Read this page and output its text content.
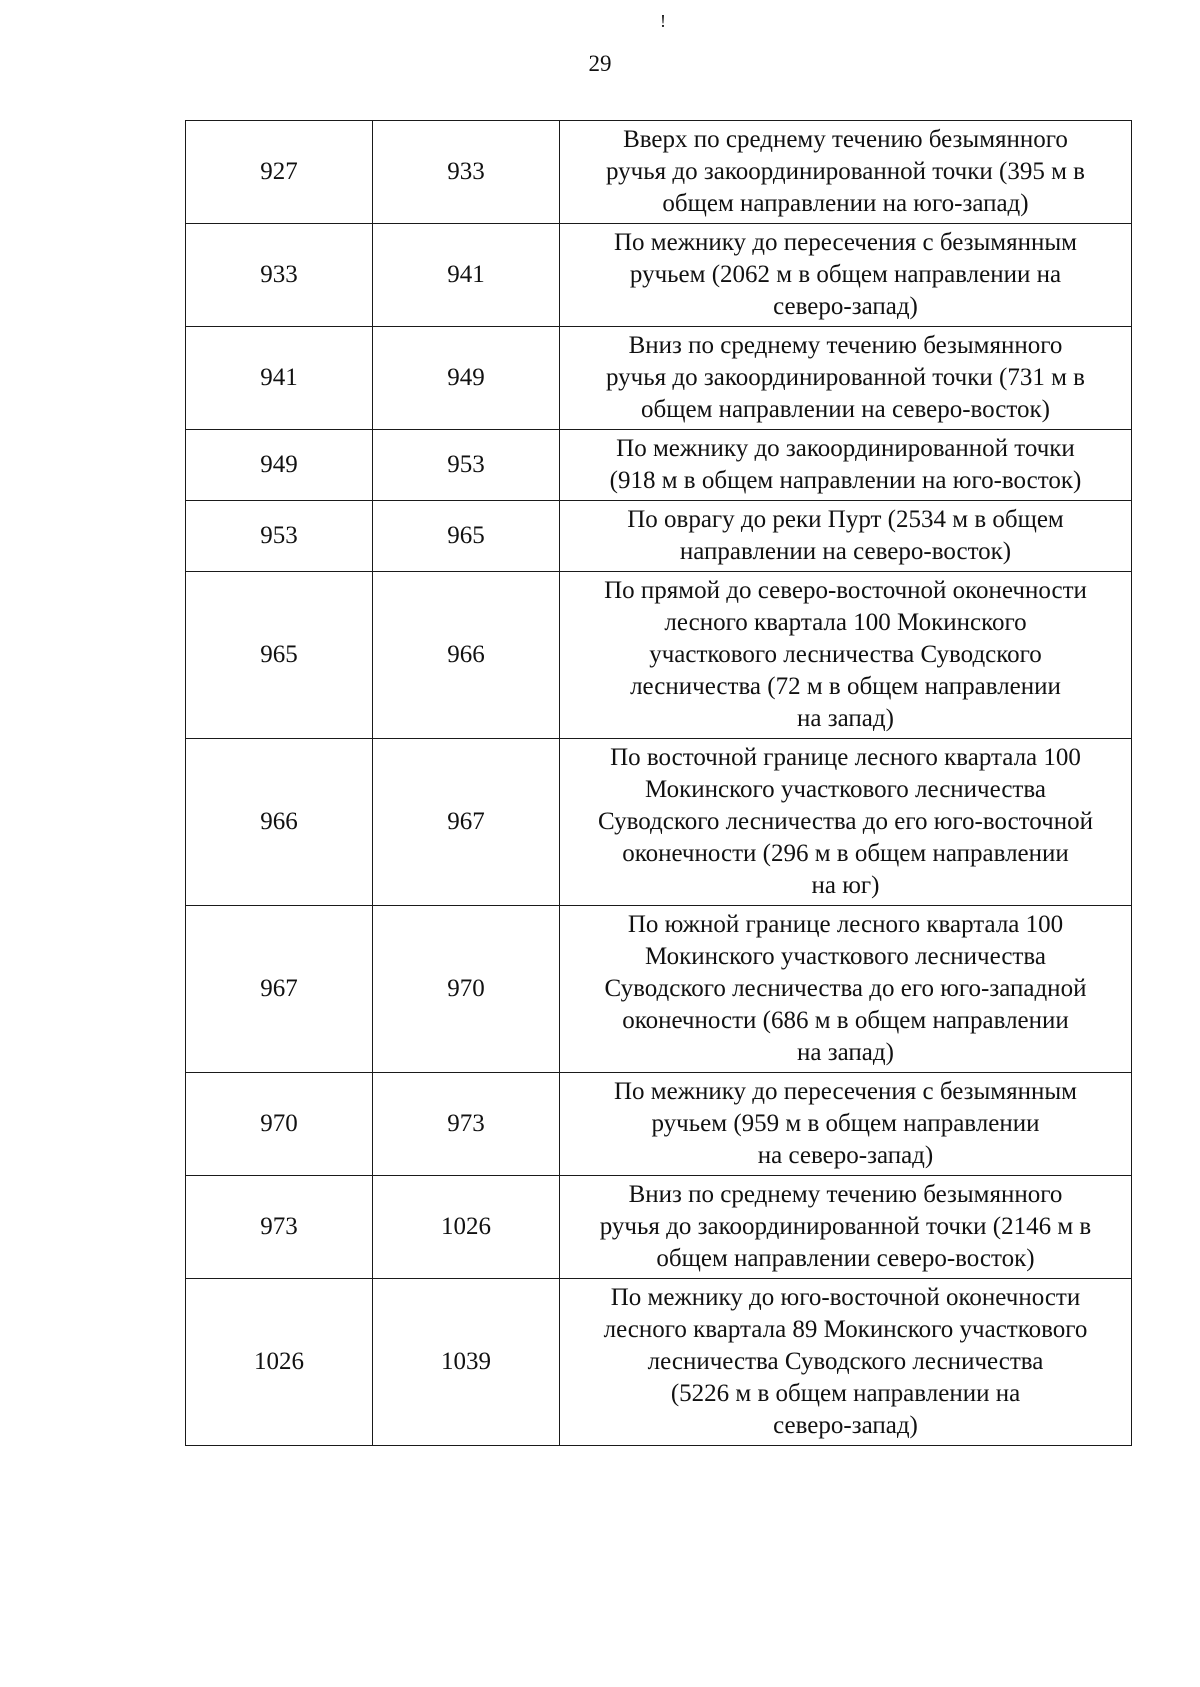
!
29
927	933	Вверх по среднему течению безымянного
ручья до закоординированной точки (395 м в
общем направлении на юго-запад)

933	941	По межнику до пересечения с безымянным
ручьем (2062 м в общем направлении на
северо-запад)

941	949	Вниз по среднему течению безымянного
ручья до закоординированной точки (731 м в
общем направлении на северо-восток)

949	953	По межнику до закоординированной точки
(918 м в общем направлении на юго-восток)

953	965	По оврагу до реки Пурт (2534 м в общем
направлении на северо-восток)

965	966	По прямой до северо-восточной оконечности
лесного квартала 100 Мокинского
участкового лесничества Суводского
лесничества (72 м в общем направлении
на запад)

966	967	По восточной границе лесного квартала 100
Мокинского участкового лесничества
Суводского лесничества до его юго-восточной
оконечности (296 м в общем направлении
на юг)

967	970	По южной границе лесного квартала 100
Мокинского участкового лесничества
Суводского лесничества до его юго-западной
оконечности (686 м в общем направлении
на запад)

970	973	По межнику до пересечения с безымянным
ручьем (959 м в общем направлении
на северо-запад)

973	1026	Вниз по среднему течению безымянного
ручья до закоординированной точки (2146 м в
общем направлении северо-восток)

1026	1039	По межнику до юго-восточной оконечности
лесного квартала 89 Мокинского участкового
лесничества Суводского лесничества
(5226 м в общем направлении на
северо-запад)
